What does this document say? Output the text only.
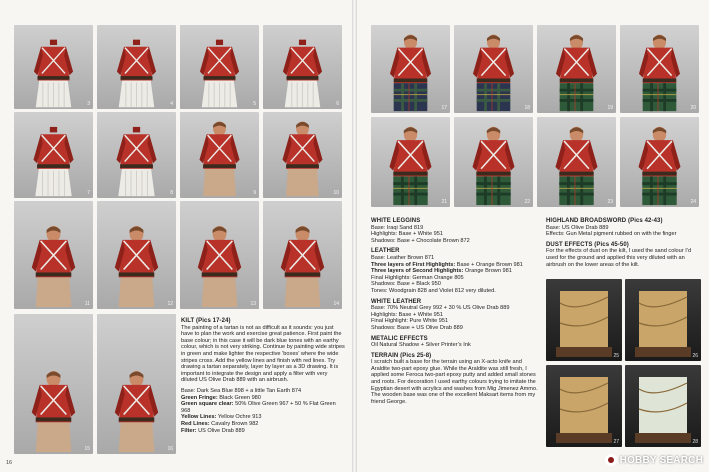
3	4	5	6
7	8	9	10
11	12	13	14
15	16

KILT (Pics 17-24)

The painting of a tartan is not as difficult as it sounds: you just have to plan the work and exercise great patience. First paint the base colour; in this case it will be dark blue tones with an earthy colour, which is not very striking. Continue by painting wide stripes in green and make lighter the respective ‘boxes’ where the wide stripes cross. Add the yellow lines and finish with red lines. Try drawing a tartan separately, layer by layer as a 3D drawing. It is important to integrate the design and apply a filter with very diluted US Olive Drab 889 with an airbrush.

Base: Dark Sea Blue 898 + a little Tan Earth 874

Green Fringe: Black Green 980

Green square clear: 50% Olive Green 967 + 50 % Flat Green 968

Yellow Lines: Yellow Ochre 913

Red Lines: Cavalry Brown 982

Filter: US Olive Drab 889

16
17	18	19	20
21	22	23	24

WHITE LEGGINS

Base: Iraqi Sand 819

Highlights: Base + White 951

Shadows: Base + Chocolate Brown 872

LEATHER

Base: Leather Brown 871

Three layers of First Highlights: Base + Orange Brown 981

Three layers of Second Highlights: Orange Brown 981

Final Highlights: German Orange 805

Shadows: Base + Black 950

Tones: Woodgrain 828 and Violet 812 very diluted.

WHITE LEATHER

Base: 70% Neutral Grey 992 + 30 % US Olive Drab 889

Highlights: Base + White 951

Final Highlight: Pure White 951

Shadows: Base + US Olive Drab 889

METALIC EFFECTS

Oil Natural Shadow + Silver Printer’s Ink

TERRAIN (Pics 25-8)

I scratch built a base for the terrain using an X-acto knife and Araldite two-part epoxy glue. While the Araldite was still fresh, I applied some Feroca two-part epoxy putty and added small stones and roots. For decoration I used earthy colours trying to imitate the Egyptian desert with acrylics and washes from Mig Jimenez Ammo. The wooden base was one of the excellent Maksart items from my friend George.

HIGHLAND BROADSWORD (Pics 42-43)

Base: US Olive Drab 889

Effects: Gun Metal pigment rubbed on with the finger

DUST EFFECTS (Pics 45-50)

For the effects of dust on the kilt, I used the sand colour I’d used for the ground and applied this very diluted with an airbrush on the lower areas of the kilt.

25	26
27	28
HOBBY SEARCH
